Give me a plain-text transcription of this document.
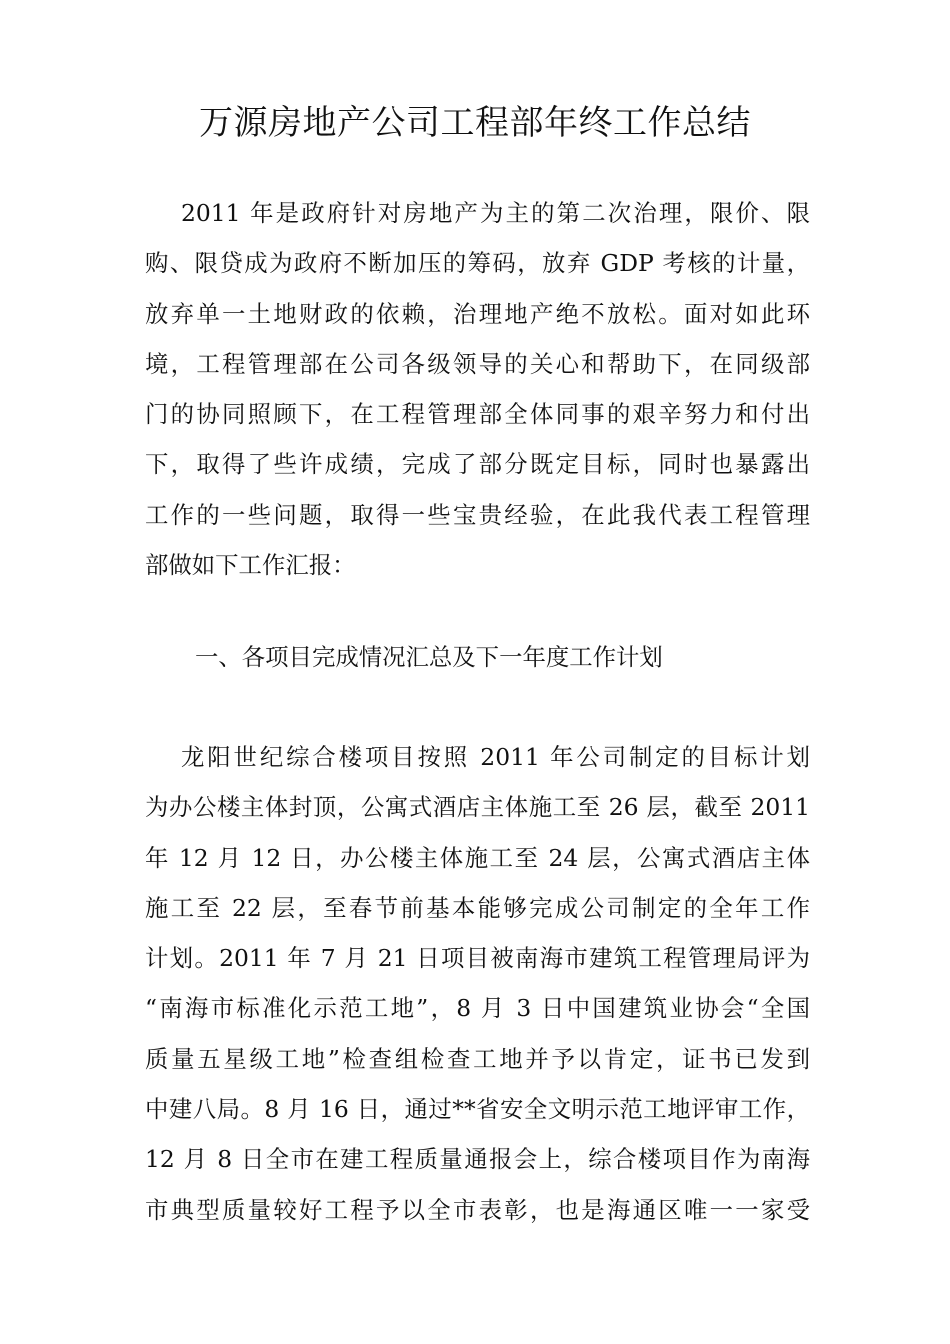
万源房地产公司工程部年终工作总结
2011 年是政府针对房地产为主的第二次治理，限价、限
购、限贷成为政府不断加压的筹码，放弃 GDP 考核的计量，
放弃单一土地财政的依赖，治理地产绝不放松。面对如此环
境，工程管理部在公司各级领导的关心和帮助下，在同级部
门的协同照顾下，在工程管理部全体同事的艰辛努力和付出
下，取得了些许成绩，完成了部分既定目标，同时也暴露出
工作的一些问题，取得一些宝贵经验，在此我代表工程管理
部做如下工作汇报：
一、各项目完成情况汇总及下一年度工作计划
龙阳世纪综合楼项目按照 2011 年公司制定的目标计划
为办公楼主体封顶，公寓式酒店主体施工至 26 层，截至 2011
年 12 月 12 日，办公楼主体施工至 24 层，公寓式酒店主体
施工至 22 层，至春节前基本能够完成公司制定的全年工作
计划。2011 年 7 月 21 日项目被南海市建筑工程管理局评为
“南海市标准化示范工地”，8 月 3 日中国建筑业协会“全国
质量五星级工地”检查组检查工地并予以肯定，证书已发到
中建八局。8 月 16 日，通过**省安全文明示范工地评审工作，
12 月 8 日全市在建工程质量通报会上，综合楼项目作为南海
市典型质量较好工程予以全市表彰，也是海通区唯一一家受
